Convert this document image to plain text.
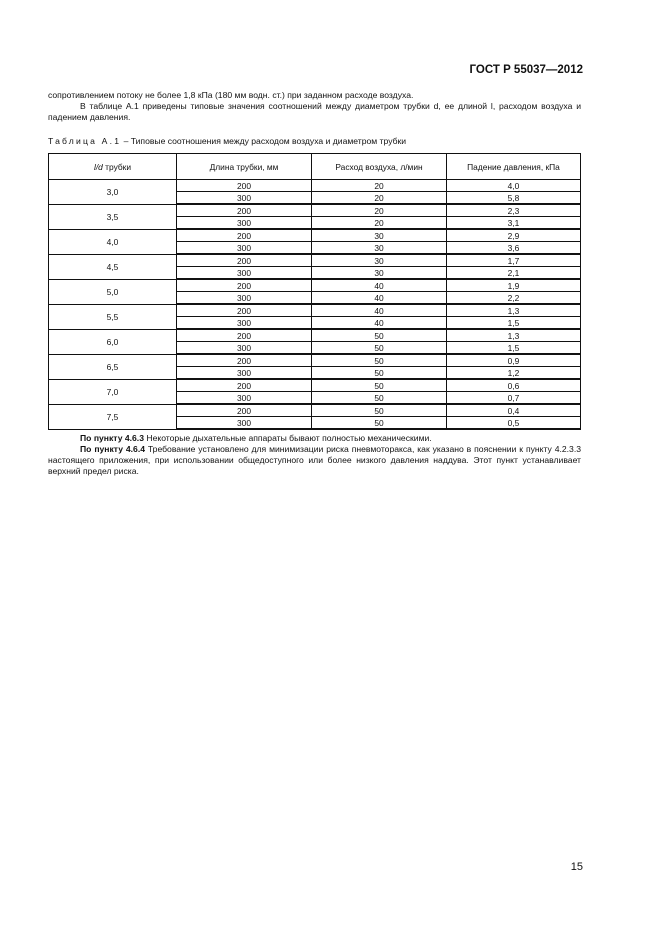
ГОСТ Р 55037—2012
сопротивлением потоку не более 1,8 кПа (180 мм водн. ст.) при заданном расходе воздуха.
В таблице А.1 приведены типовые значения соотношений между диаметром трубки d, ее длиной l, расходом воздуха и падением давления.
Таблица А.1 – Типовые соотношения между расходом воздуха и диаметром трубки
l/d трубки	Длина трубки, мм	Расход воздуха, л/мин	Падение давления, кПа
3,0	200	20	4,0
	300	20	5,8
3,5	200	20	2,3
	300	20	3,1
4,0	200	30	2,9
	300	30	3,6
4,5	200	30	1,7
	300	30	2,1
5,0	200	40	1,9
	300	40	2,2
5,5	200	40	1,3
	300	40	1,5
6,0	200	50	1,3
	300	50	1,5
6,5	200	50	0,9
	300	50	1,2
7,0	200	50	0,6
	300	50	0,7
7,5	200	50	0,4
	300	50	0,5

По пункту 4.6.3 Некоторые дыхательные аппараты бывают полностью механическими.

По пункту 4.6.4 Требование установлено для минимизации риска пневмоторакса, как указано в пояснении к пункту 4.2.3.3 настоящего приложения, при использовании общедоступного или более низкого давления наддува. Этот пункт устанавливает верхний предел риска.

15
